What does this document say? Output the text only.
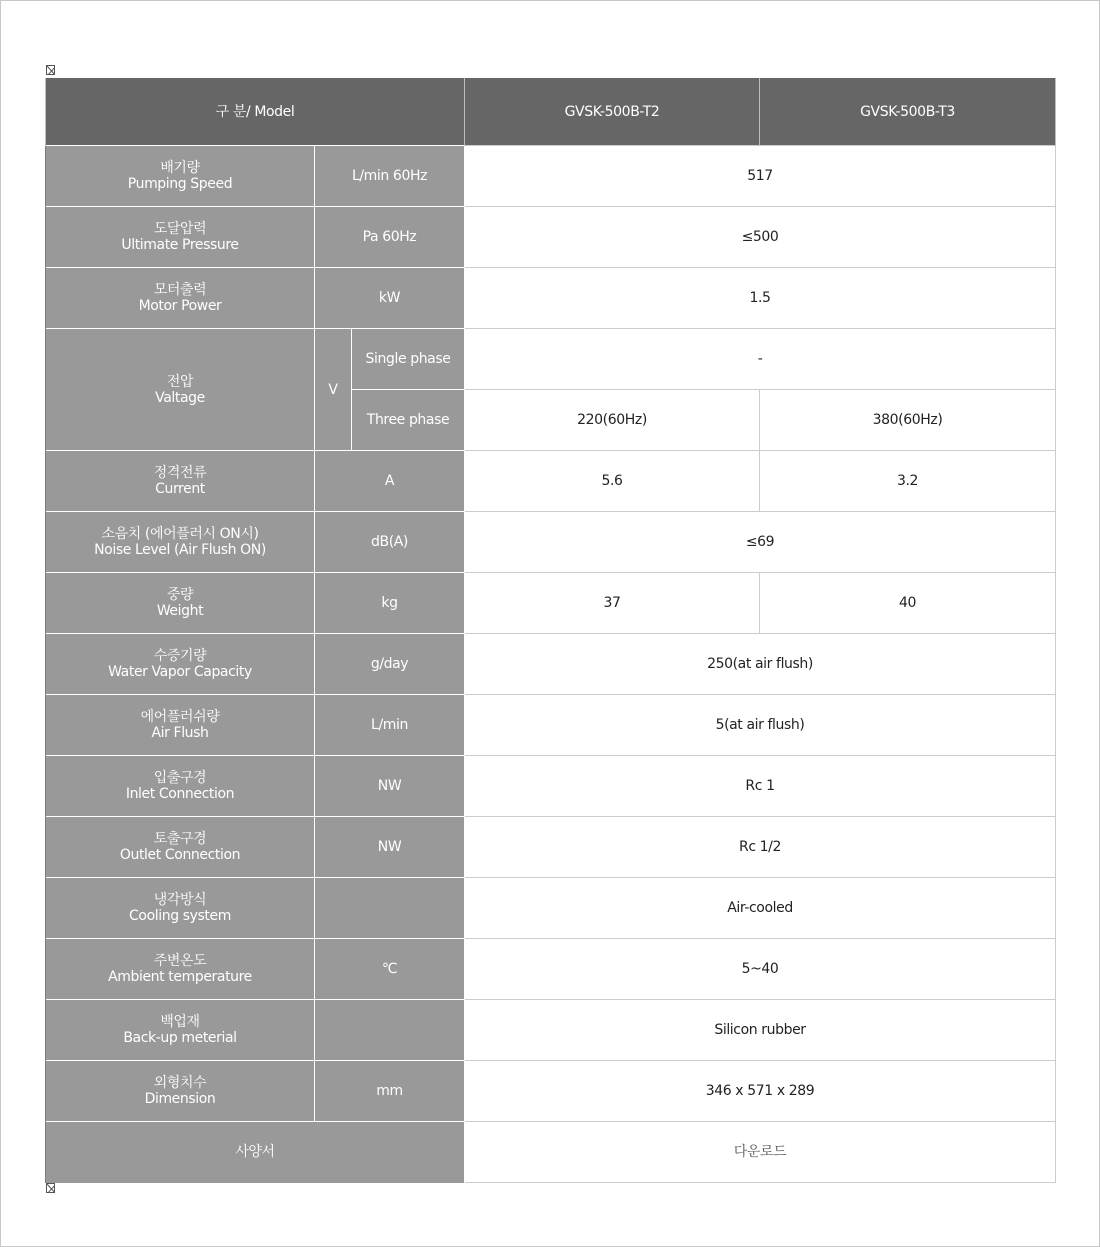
구 분/ Model			GVSK-500B-T2	GVSK-500B-T3

배기량
Pumping Speed	L/min 60Hz		517	

도달압력
Ultimate Pressure	Pa 60Hz		≤500	

모터출력
Motor Power	kW		1.5	

전압
Valtage	V	Single phase	-	
		Three phase	220(60Hz)	380(60Hz)

정격전류
Current	A		5.6	3.2

소음치 (에어플러시 ON시)
Noise Level (Air Flush ON)	dB(A)		≤69	

중량
Weight	kg		37	40

수증기량
Water Vapor Capacity	g/day		250(at air flush)	

에어플러쉬량
Air Flush	L/min		5(at air flush)	

입출구경
Inlet Connection	NW		Rc 1	

토출구경
Outlet Connection	NW		Rc 1/2	

냉각방식
Cooling system			Air-cooled	

주변온도
Ambient temperature	℃		5~40	

백업재
Back-up meterial			Silicon rubber	

외형치수
Dimension	mm		346 x 571 x 289	
사양서			다운로드	
